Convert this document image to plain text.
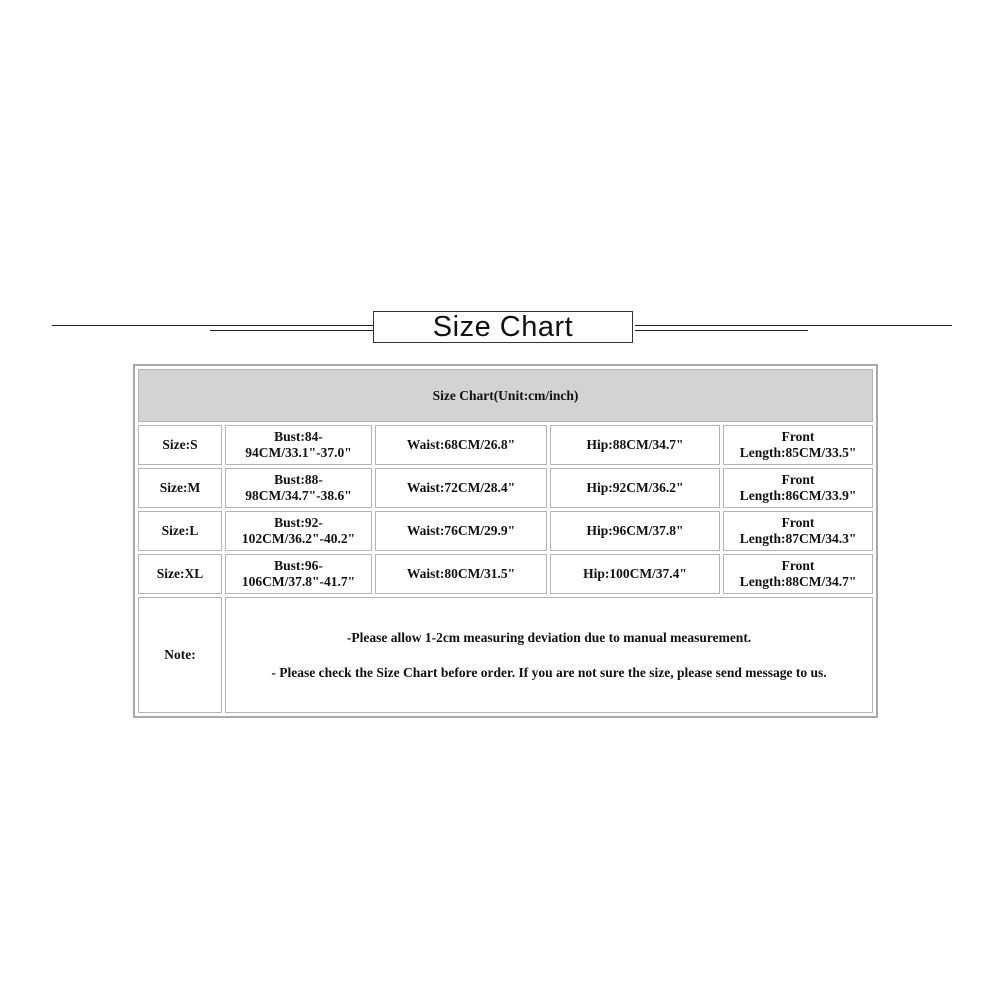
Size Chart
Size Chart(Unit:cm/inch)				
Size:S	Bust:84-94CM/33.1"-37.0"	Waist:68CM/26.8"	Hip:88CM/34.7"	Front Length:85CM/33.5"
Size:M	Bust:88-98CM/34.7"-38.6"	Waist:72CM/28.4"	Hip:92CM/36.2"	Front Length:86CM/33.9"
Size:L	Bust:92-102CM/36.2"-40.2"	Waist:76CM/29.9"	Hip:96CM/37.8"	Front Length:87CM/34.3"
Size:XL	Bust:96-106CM/37.8"-41.7"	Waist:80CM/31.5"	Hip:100CM/37.4"	Front Length:88CM/34.7"
Note:	-Please allow 1-2cm measuring deviation due to manual measurement.

- Please check the Size Chart before order. If you are not sure the size, please send message to us.			
